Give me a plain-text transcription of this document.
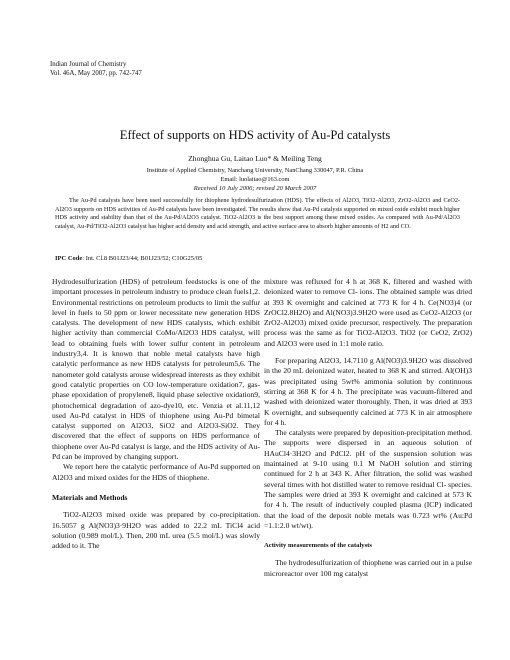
Indian Journal of Chemistry
Vol. 46A, May 2007, pp. 742-747
Effect of supports on HDS activity of Au-Pd catalysts
Zhonghua Gu, Laitao Luo* & Meiling Teng
Institute of Applied Chemistry, Nanchang University, NanChang 330047, P.R. China
Email: luolaitao@163.com
Received 10 July 2006; revised 20 March 2007

The Au-Pd catalysts have been used successfully for thiophene hydrodesulfurization (HDS). The effects of Al2O3, TiO2-Al2O3, ZrO2-Al2O3 and CeO2-Al2O3 supports on HDS activities of Au-Pd catalysts have been investigated. The results show that Au-Pd catalysts supported on mixed oxide exhibit much higher HDS activity and stability than that of the Au-Pd/Al2O3 catalyst. TiO2-Al2O3 is the best support among these mixed oxides. As compared with Au-Pd/Al2O3 catalyst, Au-Pd/TiO2-Al2O3 catalyst has higher acid density and acid strength, and active surface area to absorb higher amounts of H2 and CO.

IPC Code: Int. Cl.8 B01J23/44; B01J23/52; C10G25/05

Hydrodesulfurization (HDS) of petroleum feedstocks is one of the important processes in petroleum industry to produce clean fuels1,2. Environmental restrictions on petroleum products to limit the sulfur level in fuels to 50 ppm or lower necessitate new generation HDS catalysts. The development of new HDS catalysts, which exhibit higher activity than commercial CoMo/Al2O3 HDS catalyst, will lead to obtaining fuels with lower sulfur content in petroleum industry3,4. It is known that noble metal catalysts have high catalytic performance as new HDS catalysts for petroleum5,6. The nanometer gold catalysts arouse widespread interests as they exhibit good catalytic properties on CO low-temperature oxidation7, gas-phase epoxidation of propylene8, liquid phase selective oxidation9, photochemical degradation of azo-dye10, etc. Venzia et al.11,12 used Au-Pd catalyst in HDS of thiophene using Au-Pd bimetal catalyst supported on Al2O3, SiO2 and Al2O3-SiO2. They discovered that the effect of supports on HDS performance of thiophene over Au-Pd catalyst is large, and the HDS activity of Au-Pd can be improved by changing support.

We report here the catalytic performance of Au-Pd supported on Al2O3 and mixed oxides for the HDS of thiophene.

Materials and Methods

TiO2-Al2O3 mixed oxide was prepared by co-precipitation. 16.5057 g Al(NO3)3·9H2O was added to 22.2 mL TiCl4 acid solution (0.989 mol/L). Then, 200 mL urea (5.5 mol/L) was slowly added to it. The

mixture was refluxed for 4 h at 368 K, filtered and washed with deionized water to remove Cl- ions. The obtained sample was dried at 393 K overnight and calcined at 773 K for 4 h. Ce(NO3)4 (or ZrOCl2.8H2O) and Al(NO3)3.9H2O were used as CeO2-Al2O3 (or ZrO2-Al2O3) mixed oxide precursor, respectively. The preparation process was the same as for TiO2-Al2O3. TiO2 (or CeO2, ZrO2) and Al2O3 were used in 1:1 mole ratio.

For preparing Al2O3, 14.7110 g Al(NO3)3.9H2O was dissolved in the 20 mL deionized water, heated to 368 K and stirred. Al(OH)3 was precipitated using 5wt% ammonia solution by continuous stirring at 368 K for 4 h. The precipitate was vacuum-filtered and washed with deionized water thoroughly. Then, it was dried at 393 K overnight, and subsequently calcined at 773 K in air atmosphere for 4 h.

The catalysts were prepared by deposition-precipitation method. The supports were dispersed in an aqueous solution of HAuCl4·3H2O and PdCl2. pH of the suspension solution was maintained at 9-10 using 0.1 M NaOH solution and stirring continued for 2 h at 343 K. After filtration, the solid was washed several times with hot distilled water to remove residual Cl- species. The samples were dried at 393 K overnight and calcined at 573 K for 4 h. The result of inductively coupled plasma (ICP) indicated that the load of the deposit noble metals was 0.723 wt% (Au:Pd =1.1:2.0 wt/wt).

Activity measurements of the catalysts

The hydrodesulfurization of thiophene was carried out in a pulse microreactor over 100 mg catalyst
